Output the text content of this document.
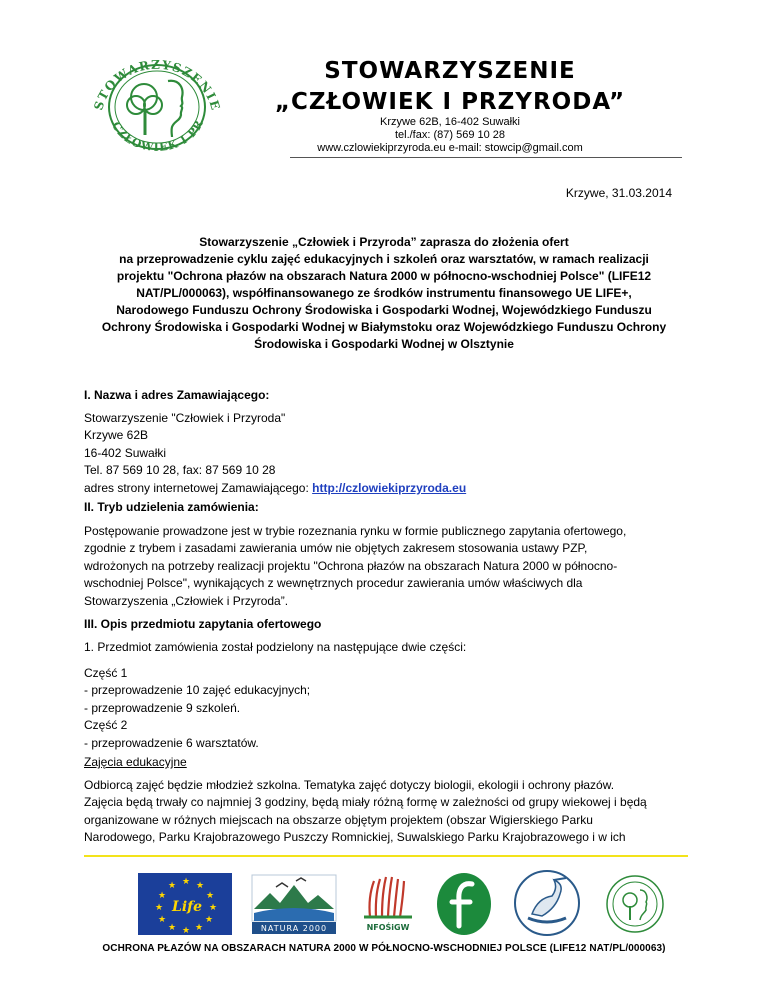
STOWARZYSZENIE
CZŁOWIEK I PR
STOWARZYSZENIE
„CZŁOWIEK I PRZYRODA”
Krzywe 62B, 16-402 Suwałki
tel./fax: (87) 569 10 28
www.czlowiekiprzyroda.eu e-mail: stowcip@gmail.com
Krzywe, 31.03.2014
Stowarzyszenie „Człowiek i Przyroda” zaprasza do złożenia ofert
na przeprowadzenie cyklu zajęć edukacyjnych i szkoleń oraz warsztatów, w ramach realizacji
projektu "Ochrona płazów na obszarach Natura 2000 w północno-wschodniej Polsce" (LIFE12
NAT/PL/000063), współfinansowanego ze środków instrumentu finansowego UE LIFE+,
Narodowego Funduszu Ochrony Środowiska i Gospodarki Wodnej, Wojewódzkiego Funduszu
Ochrony Środowiska i Gospodarki Wodnej w Białymstoku oraz Wojewódzkiego Funduszu Ochrony
Środowiska i Gospodarki Wodnej w Olsztynie
I. Nazwa i adres Zamawiającego:
Stowarzyszenie "Człowiek i Przyroda"
Krzywe 62B
16-402 Suwałki
Tel. 87 569 10 28, fax: 87 569 10 28
adres strony internetowej Zamawiającego: http://czlowiekiprzyroda.eu
II. Tryb udzielenia zamówienia:
Postępowanie prowadzone jest w trybie rozeznania rynku w formie publicznego zapytania ofertowego,
zgodnie z trybem i zasadami zawierania umów nie objętych zakresem stosowania ustawy PZP,
wdrożonych na potrzeby realizacji projektu "Ochrona płazów na obszarach Natura 2000 w północno-
wschodniej Polsce", wynikających z wewnętrznych procedur zawierania umów właściwych dla
Stowarzyszenia „Człowiek i Przyroda”.
III. Opis przedmiotu zapytania ofertowego
1. Przedmiot zamówienia został podzielony na następujące dwie części:
Część 1
- przeprowadzenie 10 zajęć edukacyjnych;
- przeprowadzenie 9 szkoleń.
Część 2
- przeprowadzenie 6 warsztatów.
Zajęcia edukacyjne
Odbiorcą zajęć będzie młodzież szkolna. Tematyka zajęć dotyczy biologii, ekologii i ochrony płazów.
Zajęcia będą trwały co najmniej 3 godziny, będą miały różną formę w zależności od grupy wiekowej i będą
organizowane w różnych miejscach na obszarze objętym projektem (obszar Wigierskiego Parku
Narodowego, Parku Krajobrazowego Puszczy Romnickiej, Suwalskiego Parku Krajobrazowego i w ich
★ ★
★
★
★
★
★
★
★
★
★
★
Life
NATURA 2000	NFOŚiGW
OCHRONA PŁAZÓW NA OBSZARACH NATURA 2000 W PÓŁNOCNO-WSCHODNIEJ POLSCE (LIFE12 NAT/PL/000063)
